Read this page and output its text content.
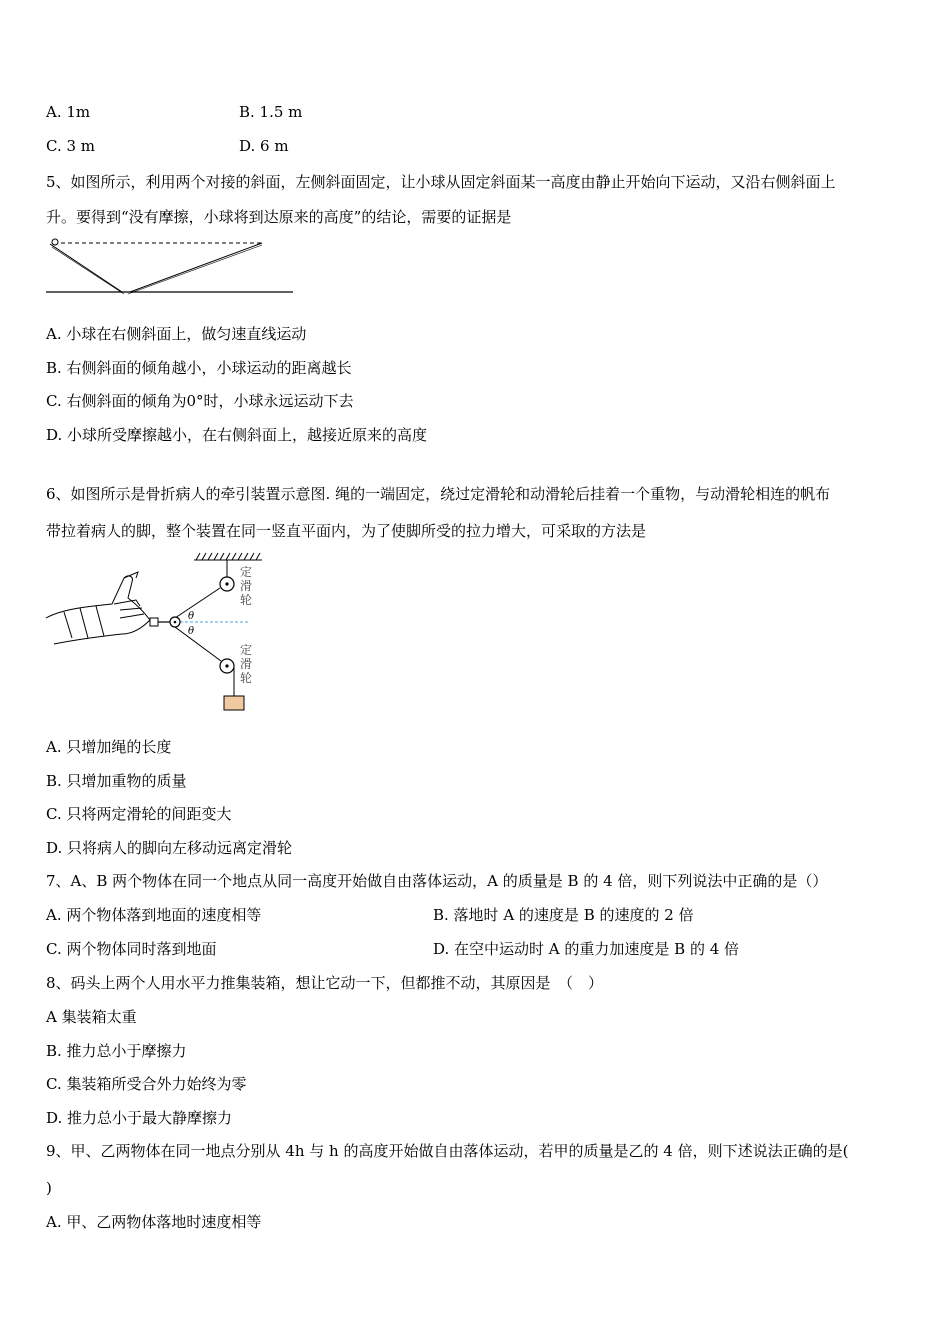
A. 1m	B. 1.5 m
C. 3 m	D. 6 m
5、如图所示，利用两个对接的斜面，左侧斜面固定，让小球从固定斜面某一高度由静止开始向下运动，又沿右侧斜面上
升。要得到“没有摩擦，小球将到达原来的高度”的结论，需要的证据是
A. 小球在右侧斜面上，做匀速直线运动
B. 右侧斜面的倾角越小，小球运动的距离越长
C. 右侧斜面的倾角为0°时，小球永远运动下去
D. 小球所受摩擦越小，在右侧斜面上，越接近原来的高度
6、如图所示是骨折病人的牵引装置示意图. 绳的一端固定，绕过定滑轮和动滑轮后挂着一个重物，与动滑轮相连的帆布
带拉着病人的脚，整个装置在同一竖直平面内，为了使脚所受的拉力增大，可采取的方法是
θ
θ
定
滑
轮
定
滑
轮
A. 只增加绳的长度
B. 只增加重物的质量
C. 只将两定滑轮的间距变大
D. 只将病人的脚向左移动远离定滑轮
7、A、B 两个物体在同一个地点从同一高度开始做自由落体运动，A 的质量是 B 的 4 倍，则下列说法中正确的是（）
A. 两个物体落到地面的速度相等	B. 落地时 A 的速度是 B 的速度的 2 倍
C. 两个物体同时落到地面	D. 在空中运动时 A 的重力加速度是 B 的 4 倍
8、码头上两个人用水平力推集装箱，想让它动一下，但都推不动，其原因是　（　）
A 集装箱太重
B. 推力总小于摩擦力
C. 集装箱所受合外力始终为零
D. 推力总小于最大静摩擦力
9、甲、乙两物体在同一地点分别从 4h 与 h 的高度开始做自由落体运动，若甲的质量是乙的 4 倍，则下述说法正确的是(
)
A. 甲、乙两物体落地时速度相等
